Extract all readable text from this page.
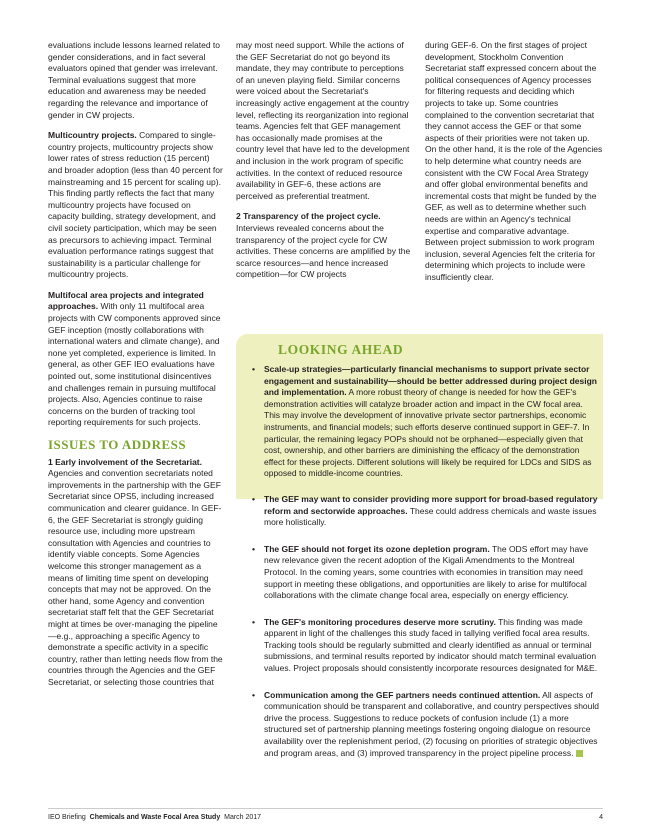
evaluations include lessons learned related to gender considerations, and in fact several evaluators opined that gender was irrelevant. Terminal evaluations suggest that more education and awareness may be needed regarding the relevance and importance of gender in CW projects.

Multicountry projects. Compared to single-country projects, multicountry projects show lower rates of stress reduction (15 percent) and broader adoption (less than 40 percent for mainstreaming and 15 percent for scaling up). This finding partly reflects the fact that many multicountry projects have focused on capacity building, strategy development, and civil society participation, which may be seen as precursors to achieving impact. Terminal evaluation performance ratings suggest that sustainability is a particular challenge for multicountry projects.

Multifocal area projects and integrated approaches. With only 11 multifocal area projects with CW components approved since GEF inception (mostly collaborations with international waters and climate change), and none yet completed, experience is limited. In general, as other GEF IEO evaluations have pointed out, some institutional disincentives and challenges remain in pursuing multifocal projects. Also, Agencies continue to raise concerns on the burden of tracking tool reporting requirements for such projects.

ISSUES TO ADDRESS

1 Early involvement of the Secretariat. Agencies and convention secretariats noted improvements in the partnership with the GEF Secretariat since OPS5, including increased communication and clearer guidance. In GEF-6, the GEF Secretariat is strongly guiding resource use, including more upstream consultation with Agencies and countries to identify viable concepts. Some Agencies welcome this stronger management as a means of limiting time spent on developing concepts that may not be approved. On the other hand, some Agency and convention secretariat staff felt that the GEF Secretariat might at times be over-managing the pipeline—e.g., approaching a specific Agency to demonstrate a specific activity in a specific country, rather than letting needs flow from the countries through the Agencies and the GEF Secretariat, or selecting those countries that

may most need support. While the actions of the GEF Secretariat do not go beyond its mandate, they may contribute to perceptions of an uneven playing field. Similar concerns were voiced about the Secretariat's increasingly active engagement at the country level, reflecting its reorganization into regional teams. Agencies felt that GEF management has occasionally made promises at the country level that have led to the development and inclusion in the work program of specific activities. In the context of reduced resource availability in GEF-6, these actions are perceived as preferential treatment.

2 Transparency of the project cycle. Interviews revealed concerns about the transparency of the project cycle for CW activities. These concerns are amplified by the scarce resources—and hence increased competition—for CW projects

during GEF-6. On the first stages of project development, Stockholm Convention Secretariat staff expressed concern about the political consequences of Agency processes for filtering requests and deciding which projects to take up. Some countries complained to the convention secretariat that they cannot access the GEF or that some aspects of their priorities were not taken up. On the other hand, it is the role of the Agencies to help determine what country needs are consistent with the CW Focal Area Strategy and offer global environmental benefits and incremental costs that might be funded by the GEF, as well as to determine whether such needs are within an Agency's technical expertise and comparative advantage. Between project submission to work program inclusion, several Agencies felt the criteria for determining which projects to include were insufficiently clear.

LOOKING AHEAD
• Scale-up strategies—particularly financial mechanisms to support private sector engagement and sustainability—should be better addressed during project design and implementation. A more robust theory of change is needed for how the GEF's demonstration activities will catalyze broader action and impact in the CW focal area. This may involve the development of innovative private sector partnerships, economic instruments, and financial models; such efforts deserve continued support in GEF-7. In particular, the remaining legacy POPs should not be orphaned—especially given that cost, ownership, and other barriers are diminishing the efficacy of the demonstration effect for these projects. Different solutions will likely be required for LDCs and SIDS as opposed to middle-income countries.
• The GEF may want to consider providing more support for broad-based regulatory reform and sectorwide approaches. These could address chemicals and waste issues more holistically.
• The GEF should not forget its ozone depletion program. The ODS effort may have new relevance given the recent adoption of the Kigali Amendments to the Montreal Protocol. In the coming years, some countries with economies in transition may need support in meeting these obligations, and opportunities are likely to arise for multifocal collaborations with the climate change focal area, especially on energy efficiency.
• The GEF's monitoring procedures deserve more scrutiny. This finding was made apparent in light of the challenges this study faced in tallying verified focal area results. Tracking tools should be regularly submitted and clearly identified as annual or terminal submissions, and terminal results reported by indicator should match terminal evaluation values. Project proposals should consistently incorporate resources designated for M&E.
• Communication among the GEF partners needs continued attention. All aspects of communication should be transparent and collaborative, and country perspectives should drive the process. Suggestions to reduce pockets of confusion include (1) a more structured set of partnership planning meetings fostering ongoing dialogue on resource availability over the replenishment period, (2) focusing on priorities of strategic objectives and program areas, and (3) improved transparency in the project pipeline process.
IEO Briefing Chemicals and Waste Focal Area Study March 2017	4
